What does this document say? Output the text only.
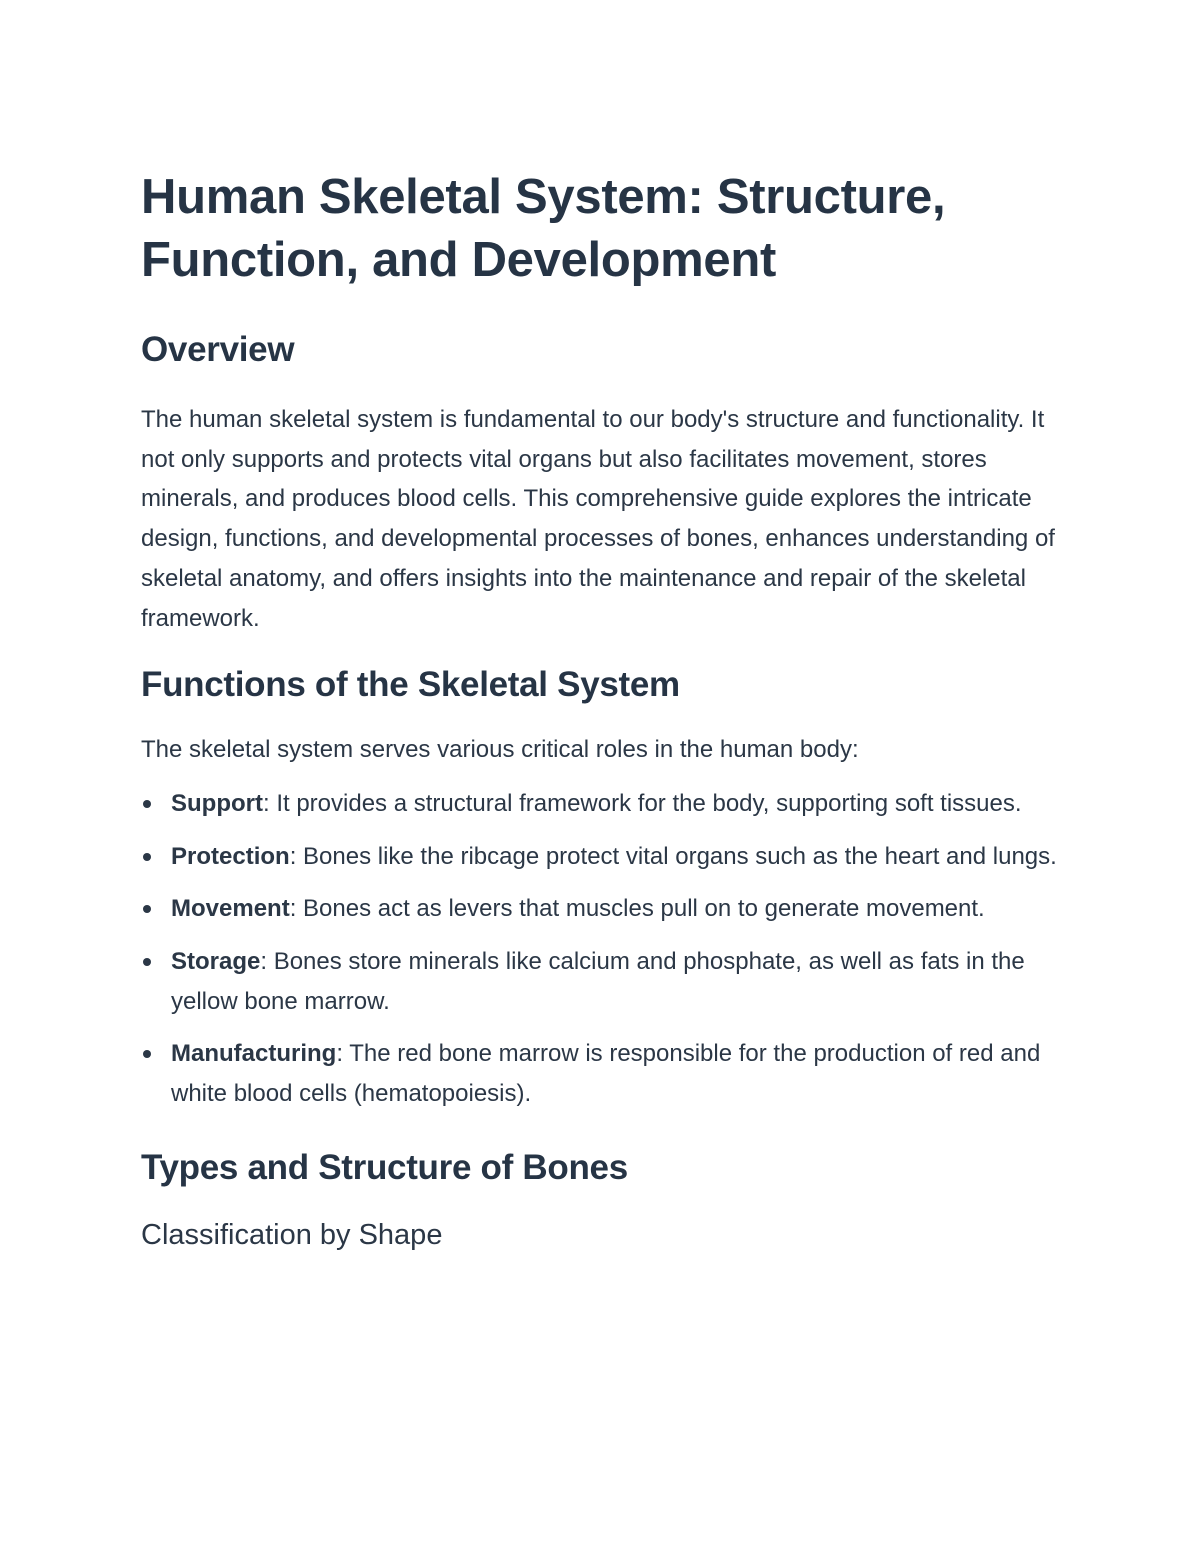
Human Skeletal System: Structure, Function, and Development
Overview

The human skeletal system is fundamental to our body's structure and functionality. It not only supports and protects vital organs but also facilitates movement, stores minerals, and produces blood cells. This comprehensive guide explores the intricate design, functions, and developmental processes of bones, enhances understanding of skeletal anatomy, and offers insights into the maintenance and repair of the skeletal framework.

Functions of the Skeletal System

The skeletal system serves various critical roles in the human body:

Support: It provides a structural framework for the body, supporting soft tissues.
Protection: Bones like the ribcage protect vital organs such as the heart and lungs.
Movement: Bones act as levers that muscles pull on to generate movement.
Storage: Bones store minerals like calcium and phosphate, as well as fats in the yellow bone marrow.
Manufacturing: The red bone marrow is responsible for the production of red and white blood cells (hematopoiesis).
Types and Structure of Bones
Classification by Shape
